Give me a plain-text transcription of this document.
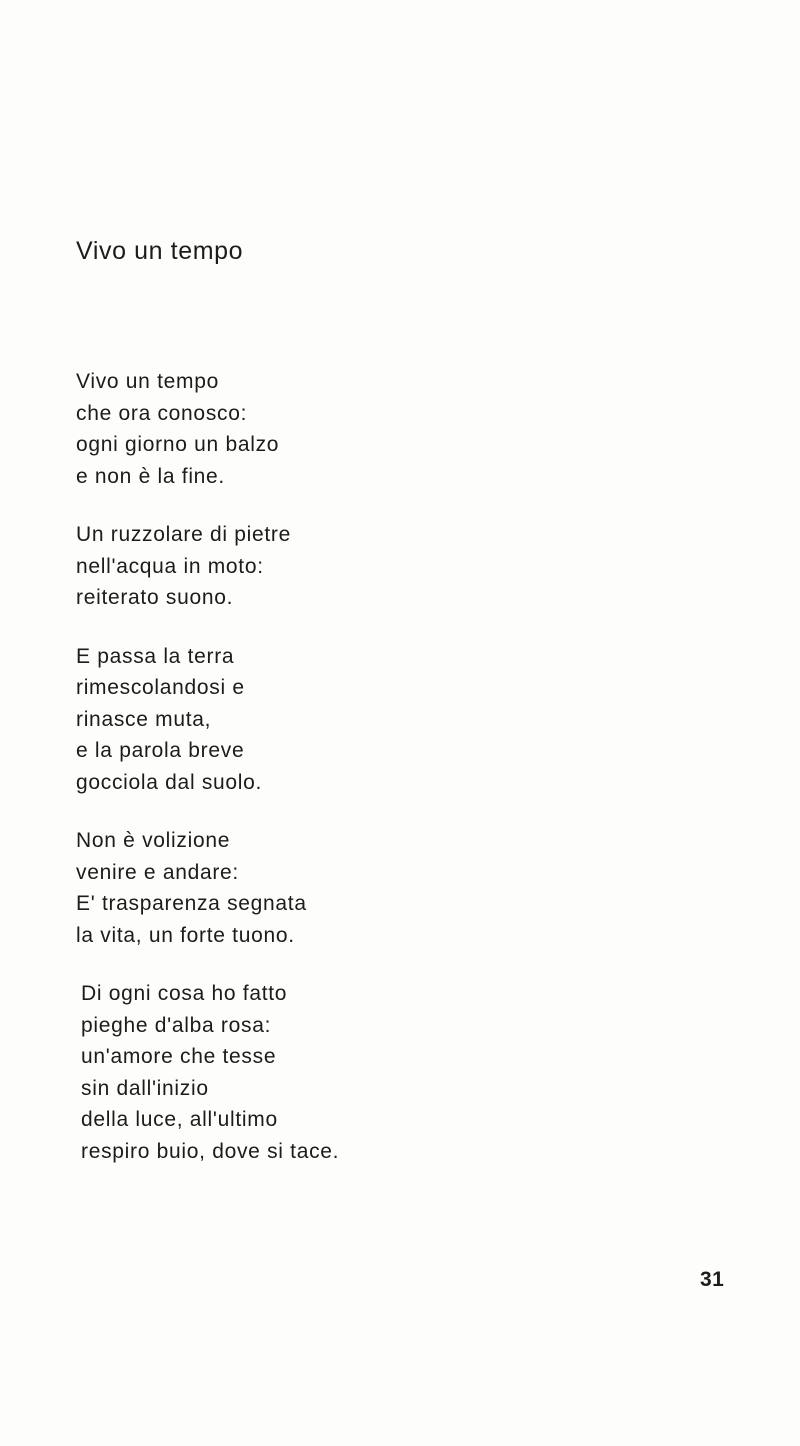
Vivo un tempo

Vivo un tempo
che ora conosco:
ogni giorno un balzo
e non è la fine.

Un ruzzolare di pietre
nell'acqua in moto:
reiterato suono.

E passa la terra
rimescolandosi e
rinasce muta,
e la parola breve
gocciola dal suolo.

Non è volizione
venire e andare:
E' trasparenza segnata
la vita, un forte tuono.

Di ogni cosa ho fatto
pieghe d'alba rosa:
un'amore che tesse
sin dall'inizio
della luce, all'ultimo
respiro buio, dove si tace.

31
